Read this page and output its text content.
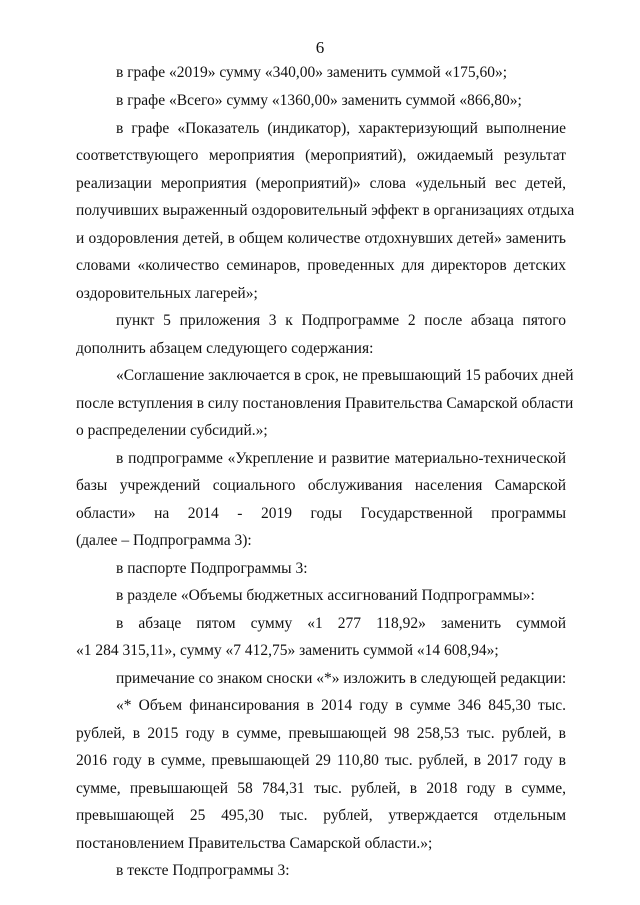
6
в графе «2019» сумму «340,00» заменить суммой «175,60»;
в графе «Всего» сумму «1360,00» заменить суммой «866,80»;
в графе «Показатель (индикатор), характеризующий выполнение
соответствующего мероприятия (мероприятий), ожидаемый результат
реализации мероприятия (мероприятий)» слова «удельный вес детей,
получивших выраженный оздоровительный эффект в организациях отдыха
и оздоровления детей, в общем количестве отдохнувших детей» заменить
словами «количество семинаров, проведенных для директоров детских
оздоровительных лагерей»;
пункт 5 приложения 3 к Подпрограмме 2 после абзаца пятого
дополнить абзацем следующего содержания:
«Соглашение заключается в срок, не превышающий 15 рабочих дней
после вступления в силу постановления Правительства Самарской области
о распределении субсидий.»;
в подпрограмме «Укрепление и развитие материально-технической
базы учреждений социального обслуживания населения Самарской
области» на 2014 - 2019 годы Государственной программы
(далее – Подпрограмма 3):
в паспорте Подпрограммы 3:
в разделе «Объемы бюджетных ассигнований Подпрограммы»:
в абзаце пятом сумму «1 277 118,92» заменить суммой
«1 284 315,11», сумму «7 412,75» заменить суммой «14 608,94»;
примечание со знаком сноски «*» изложить в следующей редакции:
«* Объем финансирования в 2014 году в сумме 346 845,30 тыс.
рублей, в 2015 году в сумме, превышающей 98 258,53 тыс. рублей, в
2016 году в сумме, превышающей 29 110,80 тыс. рублей, в 2017 году в
сумме, превышающей 58 784,31 тыс. рублей, в 2018 году в сумме,
превышающей 25 495,30 тыс. рублей, утверждается отдельным
постановлением Правительства Самарской области.»;
в тексте Подпрограммы 3:
